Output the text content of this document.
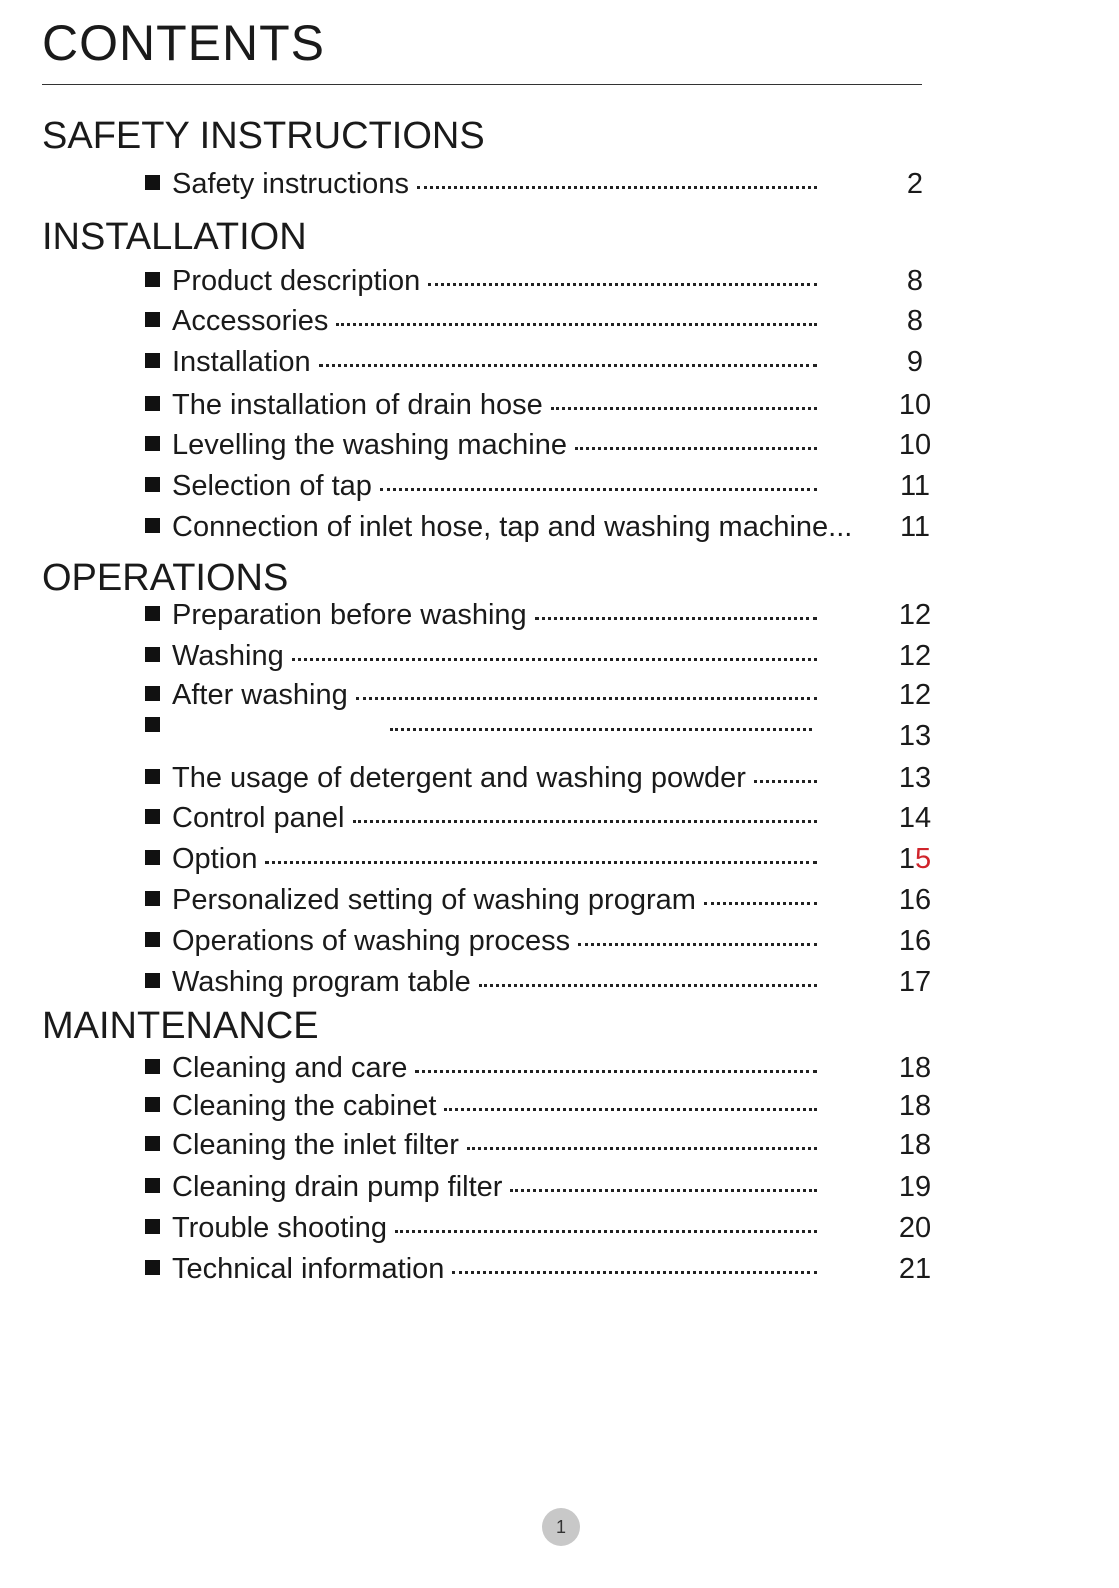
CONTENTS
SAFETY INSTRUCTIONS
Safety instructions	2
INSTALLATION
Product description	8
Accessories	8
Installation	9
The installation of drain hose	10
Levelling the washing machine	10
Selection of tap	11
Connection of inlet hose, tap and washing machine... 11
OPERATIONS
Preparation before washing	12
Washing	12
After washing	12
13
The usage of detergent and washing powder	13
Control panel	14
Option	15
Personalized setting of washing program	16
Operations of washing process	16
Washing program table	17
MAINTENANCE
Cleaning and care	18
Cleaning the cabinet	18
Cleaning the inlet filter	18
Cleaning drain pump filter	19
Trouble shooting	20
Technical information	21
1
